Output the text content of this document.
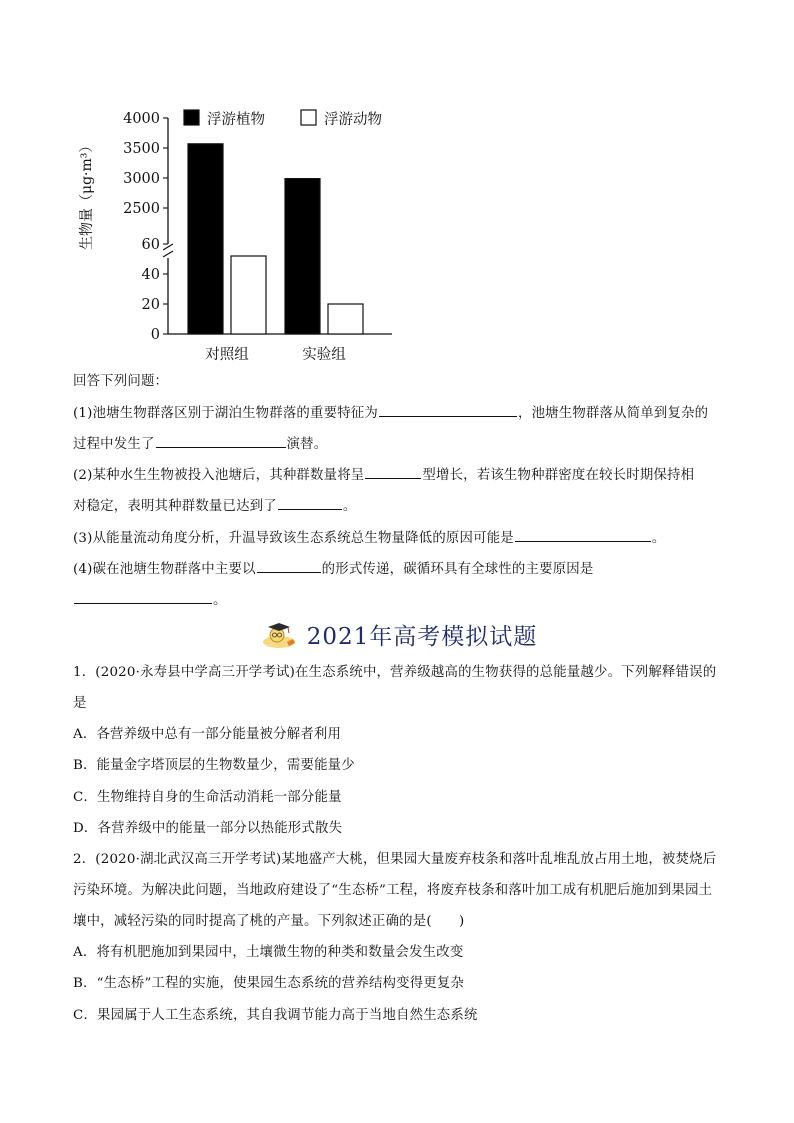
0
20
40
60
2500
3000
3500
4000	浮游植物	浮游动物
对照组	实验组
生物量（μg·m³）
回答下列问题：
(1)池塘生物群落区别于湖泊生物群落的重要特征为	，池塘生物群落从简单到复杂的
过程中发生了	演替。
(2)某种水生生物被投入池塘后，其种群数量将呈	型增长，若该生物种群密度在较长时期保持相
对稳定，表明其种群数量已达到了	。
(3)从能量流动角度分析，升温导致该生态系统总生物量降低的原因可能是	。
(4)碳在池塘生物群落中主要以	的形式传递，碳循环具有全球性的主要原因是
。
2021年高考模拟试题
1．(2020·永寿县中学高三开学考试)在生态系统中，营养级越高的生物获得的总能量越少。下列解释错误的
是
A．各营养级中总有一部分能量被分解者利用
B．能量金字塔顶层的生物数量少，需要能量少
C．生物维持自身的生命活动消耗一部分能量
D．各营养级中的能量一部分以热能形式散失
2．(2020·湖北武汉高三开学考试)某地盛产大桃，但果园大量废弃枝条和落叶乱堆乱放占用土地，被焚烧后
污染环境。为解决此问题，当地政府建设了“生态桥”工程，将废弃枝条和落叶加工成有机肥后施加到果园土
壤中，减轻污染的同时提高了桃的产量。下列叙述正确的是(　　)
A．将有机肥施加到果园中，土壤微生物的种类和数量会发生改变
B．“生态桥”工程的实施，使果园生态系统的营养结构变得更复杂
C．果园属于人工生态系统，其自我调节能力高于当地自然生态系统
